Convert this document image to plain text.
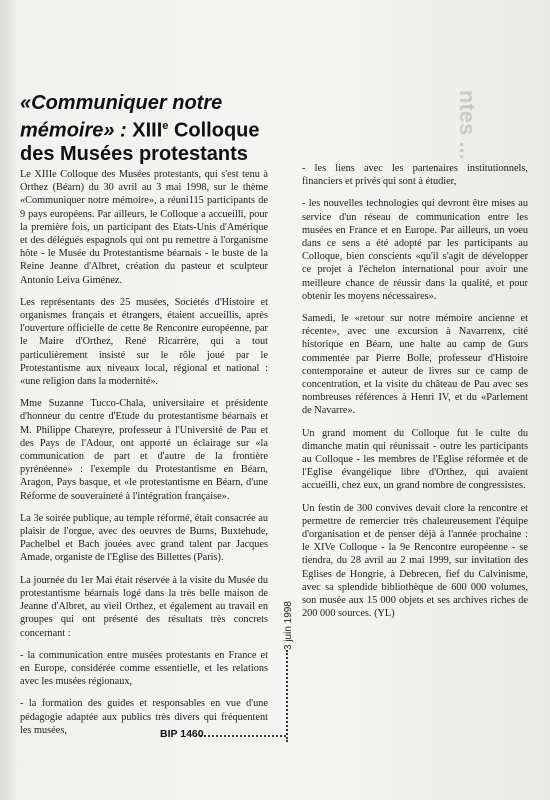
ntes ...
«Communiquer notre mémoire» : XIIIe Colloque des Musées protestants

Le XIIIe Colloque des Musées protestants, qui s'est tenu à Orthez (Béarn) du 30 avril au 3 mai 1998, sur le thème «Communiquer notre mémoire», a réuni115 participants de 9 pays européens. Par ailleurs, le Colloque a accueilli, pour la première fois, un participant des Etats-Unis d'Amérique et des délégués espagnols qui ont pu remettre à l'organisme hôte - le Musée du Protestantisme béarnais - le buste de la Reine Jeanne d'Albret, création du pasteur et sculpteur Antonio Leiva Giménez.

Les représentants des 25 musées, Sociétés d'Histoire et organismes français et étrangers, étaient accueillis, après l'ouverture officielle de cette 8e Rencontre européenne, par le Maire d'Orthez, René Ricarrère, qui a tout particulièrement insisté sur le rôle joué par le Protestantisme aux niveaux local, régional et national : «une religion dans la modernité».

Mme Suzanne Tucco-Chala, universitaire et présidente d'honneur du centre d'Etude du protestantisme béarnais et M. Philippe Chareyre, professeur à l'Université de Pau et des Pays de l'Adour, ont apporté un éclairage sur «la communication de part et d'autre de la frontière pyrénéenne» : l'exemple du Protestantisme en Béarn, Aragon, Pays basque, et «le protestantisme en Béarn, d'une Réforme de souveraineté à l'intégration française».

La 3e soirée publique, au temple réformé, était consacrée au plaisir de l'orgue, avec des oeuvres de Burns, Buxtehude, Pachelbel et Bach jouées avec grand talent par Jacques Amade, organiste de l'Eglise des Billettes (Paris).

La journée du 1er Mai était réservée à la visite du Musée du protestantisme béarnais logé dans la très belle maison de Jeanne d'Albret, au vieil Orthez, et également au travail en groupes qui ont présenté des résultats très concrets concernant :

- la communication entre musées protestants en France et en Europe, considérée comme essentielle, et les relations avec les musées régionaux,

- la formation des guides et responsables en vue d'une pédagogie adaptée aux publics très divers qui fréquentent les musées,

- les liens avec les partenaires institutionnels, financiers et privés qui sont à étudier,

- les nouvelles technologies qui devront être mises au service d'un réseau de communication entre les musées en France et en Europe. Par ailleurs, un voeu dans ce sens a été adopté par les participants au Colloque, bien conscients «qu'il s'agit de développer ce projet à l'échelon international pour avoir une meilleure chance de réussir dans la qualité, et pour obtenir les moyens nécessaires».

Samedi, le «retour sur notre mémoire ancienne et récente», avec une excursion à Navarrenx, cité historique en Béarn, une halte au camp de Gurs commentée par Pierre Bolle, professeur d'Histoire contemporaine et auteur de livres sur ce camp de concentration, et la visite du château de Pau avec ses nombreuses références à Henri IV, et du «Parlement de Navarre».

Un grand moment du Colloque fut le culte du dimanche matin qui réunissait - outre les participants au Colloque - les membres de l'Eglise réformée et de l'Eglise évangélique libre d'Orthez, qui avaient accueilli, chez eux, un grand nombre de congressistes.

Un festin de 300 convives devait clore la rencontre et permettre de remercier très chaleureusement l'équipe d'organisation et de penser déjà à l'année prochaine : le XIVe Colloque - la 9e Rencontre européenne - se tiendra, du 28 avril au 2 mai 1999, sur invitation des Eglises de Hongrie, à Debrecen, fief du Calvinisme, avec sa splendide bibliothèque de 600 000 volumes, son musée aux 15 000 objets et ses archives riches de 200 000 sources. (YL)

3 juin 1998
BIP 1460
